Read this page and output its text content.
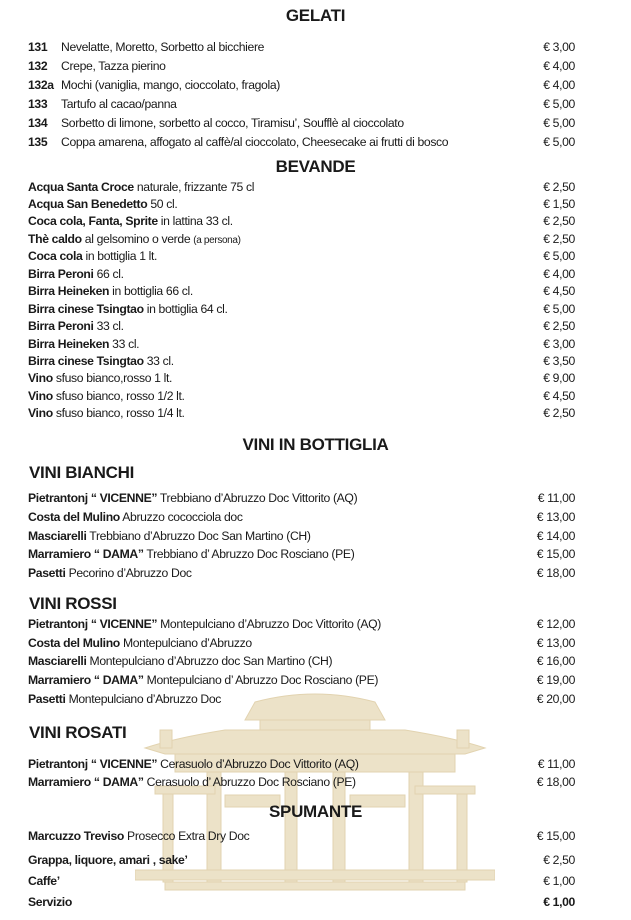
GELATI
131 Nevelatte, Moretto, Sorbetto al bicchiere	€ 3,00
132 Crepe, Tazza pierino	€ 4,00
132a Mochi (vaniglia, mango, cioccolato, fragola)	€ 4,00
133 Tartufo al cacao/panna	€ 5,00
134 Sorbetto di limone, sorbetto al cocco, Tiramisu’, Soufflè al cioccolato	€ 5,00
135 Coppa amarena, affogato al caffè/al cioccolato, Cheesecake ai frutti di bosco	€ 5,00
BEVANDE
Acqua Santa Croce naturale, frizzante 75 cl	€ 2,50
Acqua San Benedetto 50 cl.	€ 1,50
Coca cola, Fanta, Sprite in lattina 33 cl.	€ 2,50
Thè caldo al gelsomino o verde (a persona)	€ 2,50
Coca cola in bottiglia 1 lt.	€ 5,00
Birra Peroni 66 cl.	€ 4,00
Birra Heineken in bottiglia 66 cl.	€ 4,50
Birra cinese Tsingtao in bottiglia 64 cl.	€ 5,00
Birra Peroni 33 cl.	€ 2,50
Birra Heineken 33 cl.	€ 3,00
Birra cinese Tsingtao 33 cl.	€ 3,50
Vino sfuso bianco,rosso 1 lt.	€ 9,00
Vino sfuso bianco, rosso 1/2 lt.	€ 4,50
Vino sfuso bianco, rosso 1/4 lt.	€ 2,50
VINI IN BOTTIGLIA
VINI BIANCHI
Pietrantonj “ VICENNE” Trebbiano d’Abruzzo Doc Vittorito (AQ)	€ 11,00
Costa del Mulino Abruzzo cococciola doc	€ 13,00
Masciarelli Trebbiano d’Abruzzo Doc San Martino (CH)	€ 14,00
Marramiero “ DAMA” Trebbiano d’ Abruzzo Doc Rosciano (PE)	€ 15,00
Pasetti Pecorino d’Abruzzo Doc	€ 18,00
VINI ROSSI
Pietrantonj “ VICENNE” Montepulciano d’Abruzzo Doc Vittorito (AQ)	€ 12,00
Costa del Mulino Montepulciano d’Abruzzo	€ 13,00
Masciarelli Montepulciano d’Abruzzo doc San Martino (CH)	€ 16,00
Marramiero “ DAMA” Montepulciano d’ Abruzzo Doc Rosciano (PE)	€ 19,00
Pasetti Montepulciano d’Abruzzo Doc	€ 20,00
VINI ROSATI
Pietrantonj “ VICENNE” Cerasuolo d’Abruzzo Doc Vittorito (AQ)	€ 11,00
Marramiero “ DAMA” Cerasuolo d’ Abruzzo Doc Rosciano (PE)	€ 18,00
SPUMANTE
Marcuzzo Treviso Prosecco Extra Dry Doc	€ 15,00
Grappa, liquore, amari , sake’	€ 2,50
Caffe’	€ 1,00
Servizio	€ 1,00
